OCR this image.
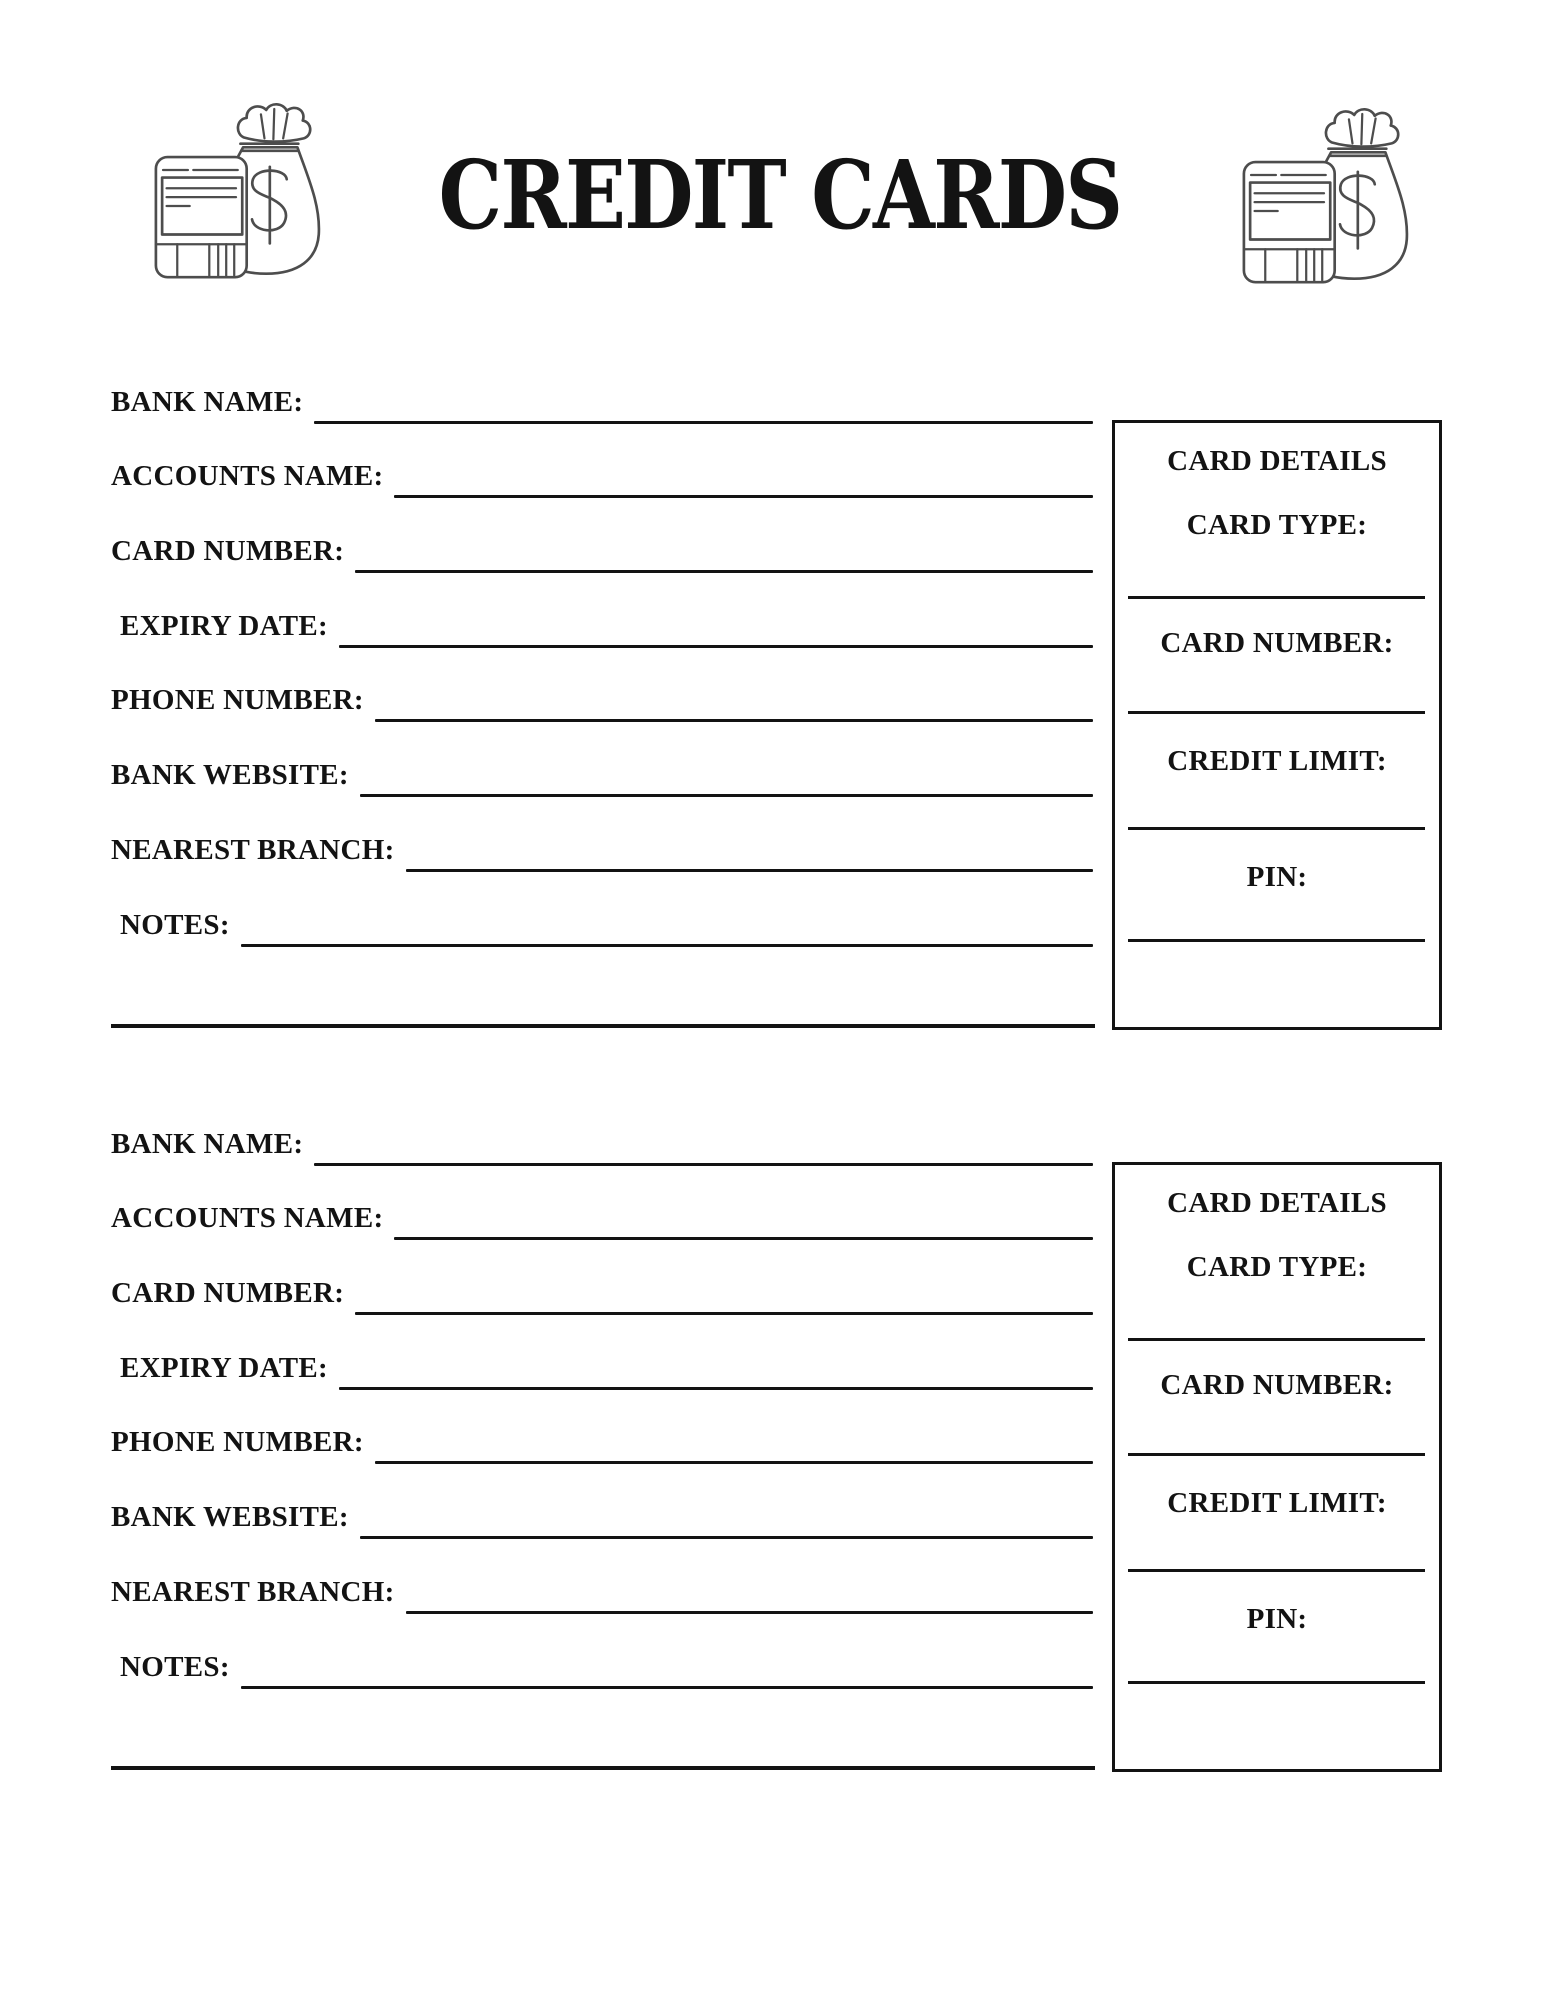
CREDIT CARDS
BANK NAME:
ACCOUNTS NAME:
CARD NUMBER:
EXPIRY DATE:
PHONE NUMBER:
BANK WEBSITE:
NEAREST BRANCH:
NOTES:
CARD DETAILS
CARD TYPE:
CARD NUMBER:
CREDIT LIMIT:
PIN:
BANK NAME:
ACCOUNTS NAME:
CARD NUMBER:
EXPIRY DATE:
PHONE NUMBER:
BANK WEBSITE:
NEAREST BRANCH:
NOTES:
CARD DETAILS
CARD TYPE:
CARD NUMBER:
CREDIT LIMIT:
PIN:
